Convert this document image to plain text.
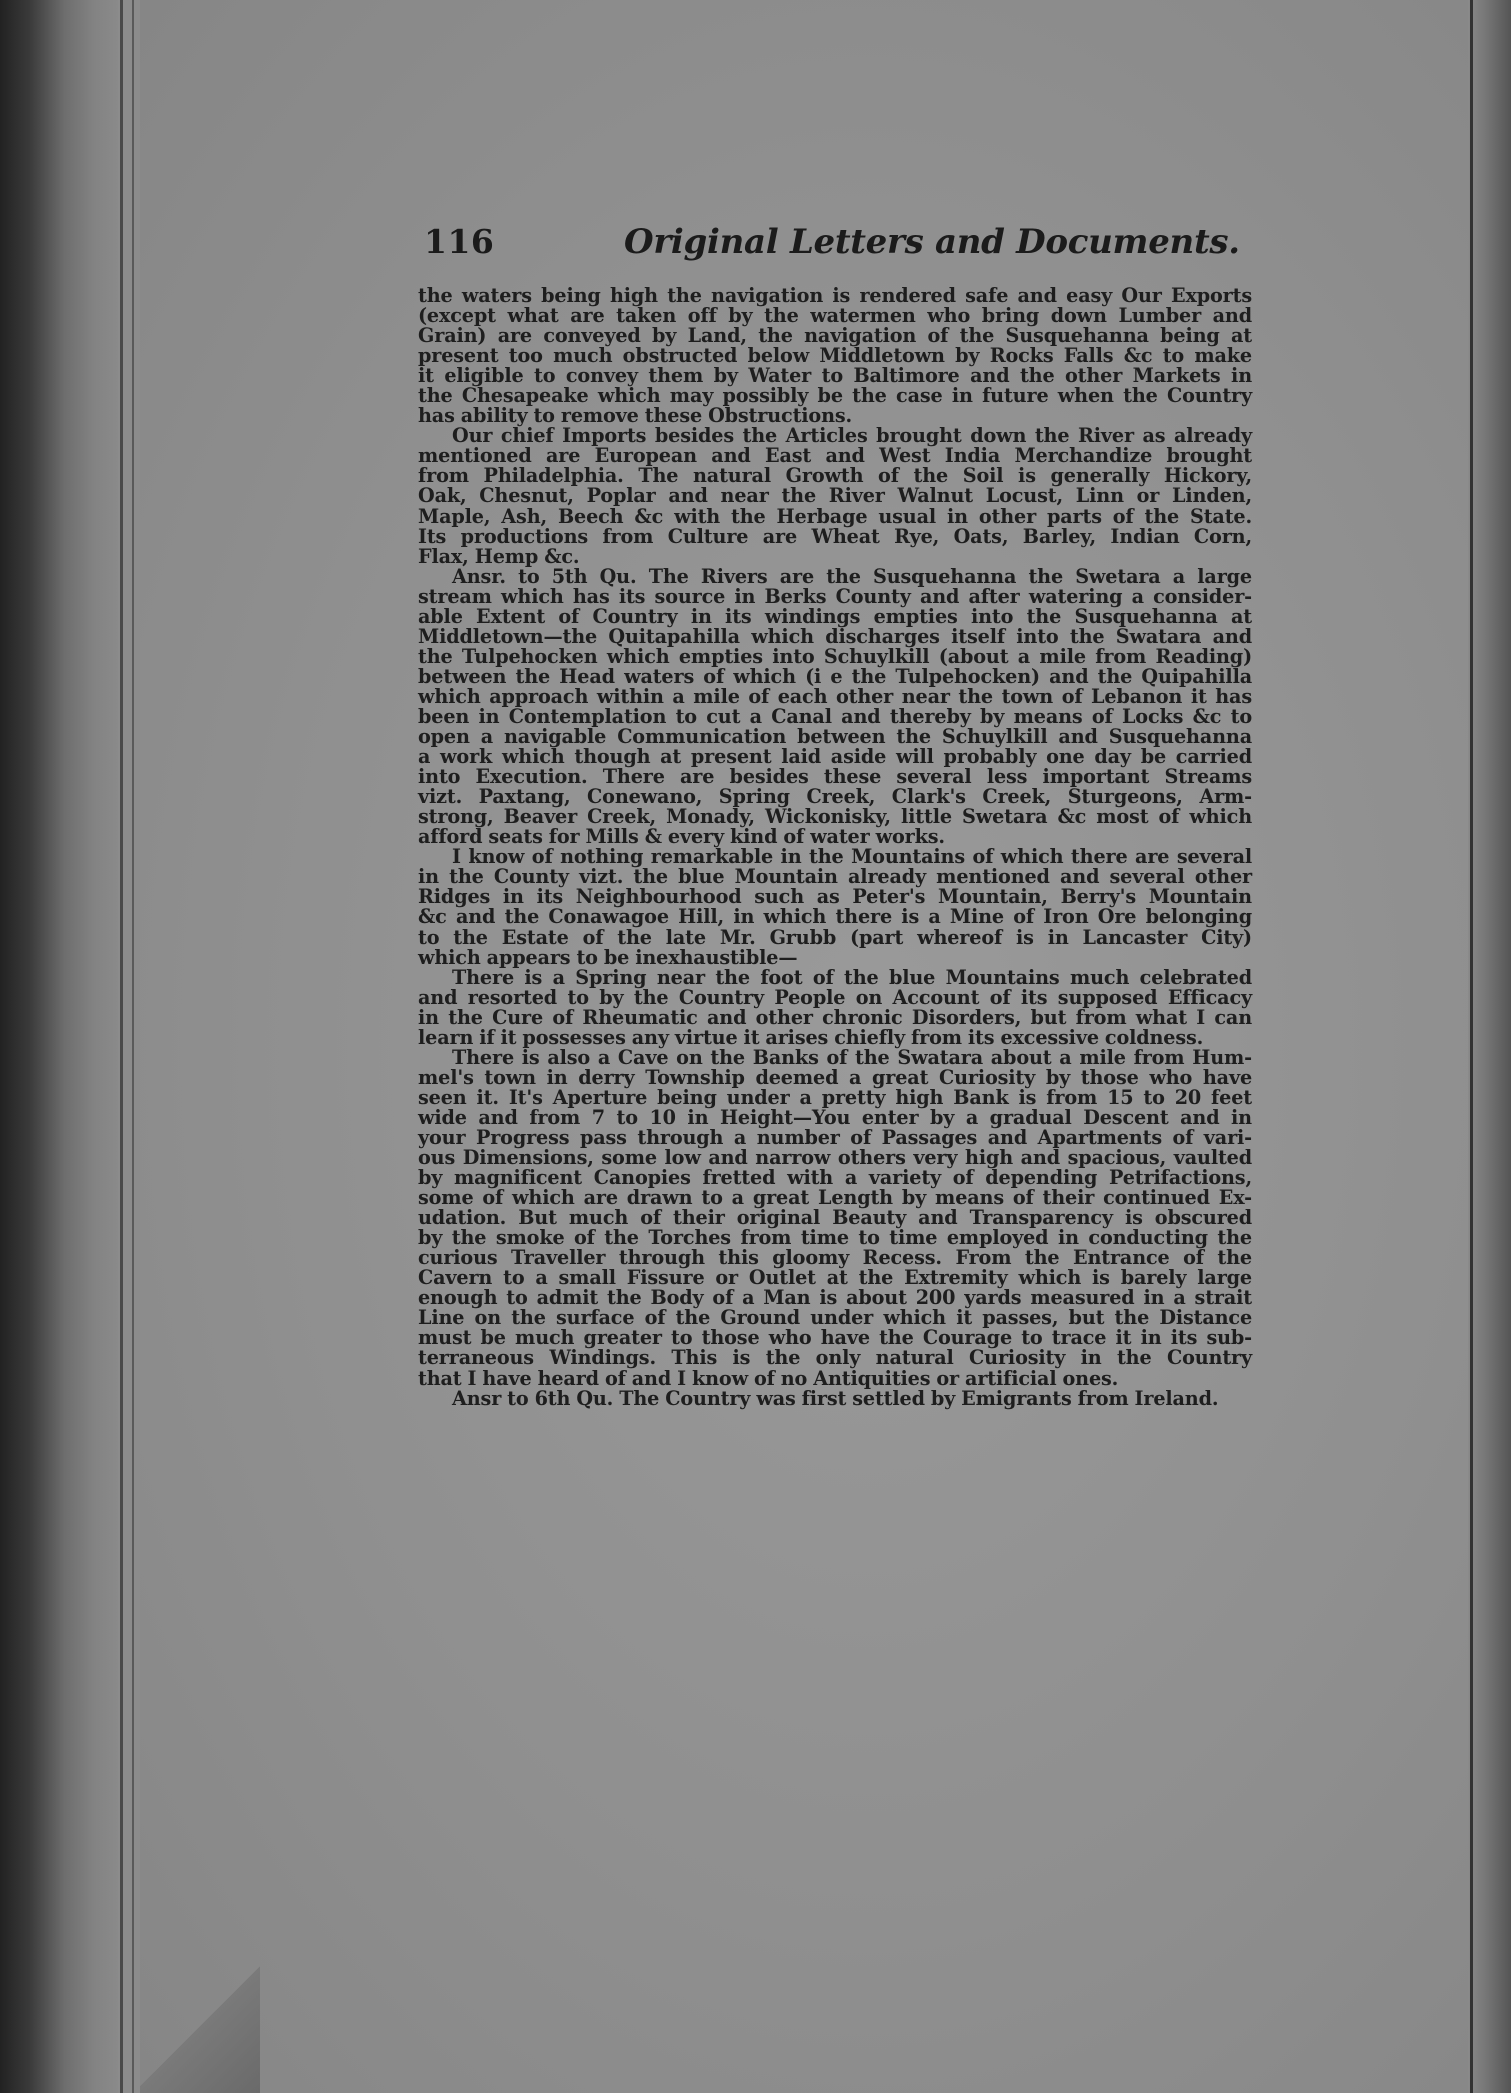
116	Original Letters and Documents.
the waters being high the navigation is rendered safe and easy Our Exports
(except what are taken off by the watermen who bring down Lumber and
Grain) are conveyed by Land, the navigation of the Susquehanna being at
present too much obstructed below Middletown by Rocks Falls &c to make
it eligible to convey them by Water to Baltimore and the other Markets in
the Chesapeake which may possibly be the case in future when the Country
has ability to remove these Obstructions.
Our chief Imports besides the Articles brought down the River as already
mentioned are European and East and West India Merchandize brought
from Philadelphia. The natural Growth of the Soil is generally Hickory,
Oak, Chesnut, Poplar and near the River Walnut Locust, Linn or Linden,
Maple, Ash, Beech &c with the Herbage usual in other parts of the State.
Its productions from Culture are Wheat Rye, Oats, Barley, Indian Corn,
Flax, Hemp &c.
Ansr. to 5th Qu. The Rivers are the Susquehanna the Swetara a large
stream which has its source in Berks County and after watering a consider-
able Extent of Country in its windings empties into the Susquehanna at
Middletown—the Quitapahilla which discharges itself into the Swatara and
the Tulpehocken which empties into Schuylkill (about a mile from Reading)
between the Head waters of which (i e the Tulpehocken) and the Quipahilla
which approach within a mile of each other near the town of Lebanon it has
been in Contemplation to cut a Canal and thereby by means of Locks &c to
open a navigable Communication between the Schuylkill and Susquehanna
a work which though at present laid aside will probably one day be carried
into Execution. There are besides these several less important Streams
vizt. Paxtang, Conewano, Spring Creek, Clark's Creek, Sturgeons, Arm-
strong, Beaver Creek, Monady, Wickonisky, little Swetara &c most of which
afford seats for Mills & every kind of water works.
I know of nothing remarkable in the Mountains of which there are several
in the County vizt. the blue Mountain already mentioned and several other
Ridges in its Neighbourhood such as Peter's Mountain, Berry's Mountain
&c and the Conawagoe Hill, in which there is a Mine of Iron Ore belonging
to the Estate of the late Mr. Grubb (part whereof is in Lancaster City)
which appears to be inexhaustible—
There is a Spring near the foot of the blue Mountains much celebrated
and resorted to by the Country People on Account of its supposed Efficacy
in the Cure of Rheumatic and other chronic Disorders, but from what I can
learn if it possesses any virtue it arises chiefly from its excessive coldness.
There is also a Cave on the Banks of the Swatara about a mile from Hum-
mel's town in derry Township deemed a great Curiosity by those who have
seen it. It's Aperture being under a pretty high Bank is from 15 to 20 feet
wide and from 7 to 10 in Height—You enter by a gradual Descent and in
your Progress pass through a number of Passages and Apartments of vari-
ous Dimensions, some low and narrow others very high and spacious, vaulted
by magnificent Canopies fretted with a variety of depending Petrifactions,
some of which are drawn to a great Length by means of their continued Ex-
udation. But much of their original Beauty and Transparency is obscured
by the smoke of the Torches from time to time employed in conducting the
curious Traveller through this gloomy Recess. From the Entrance of the
Cavern to a small Fissure or Outlet at the Extremity which is barely large
enough to admit the Body of a Man is about 200 yards measured in a strait
Line on the surface of the Ground under which it passes, but the Distance
must be much greater to those who have the Courage to trace it in its sub-
terraneous Windings. This is the only natural Curiosity in the Country
that I have heard of and I know of no Antiquities or artificial ones.
Ansr to 6th Qu. The Country was first settled by Emigrants from Ireland.
